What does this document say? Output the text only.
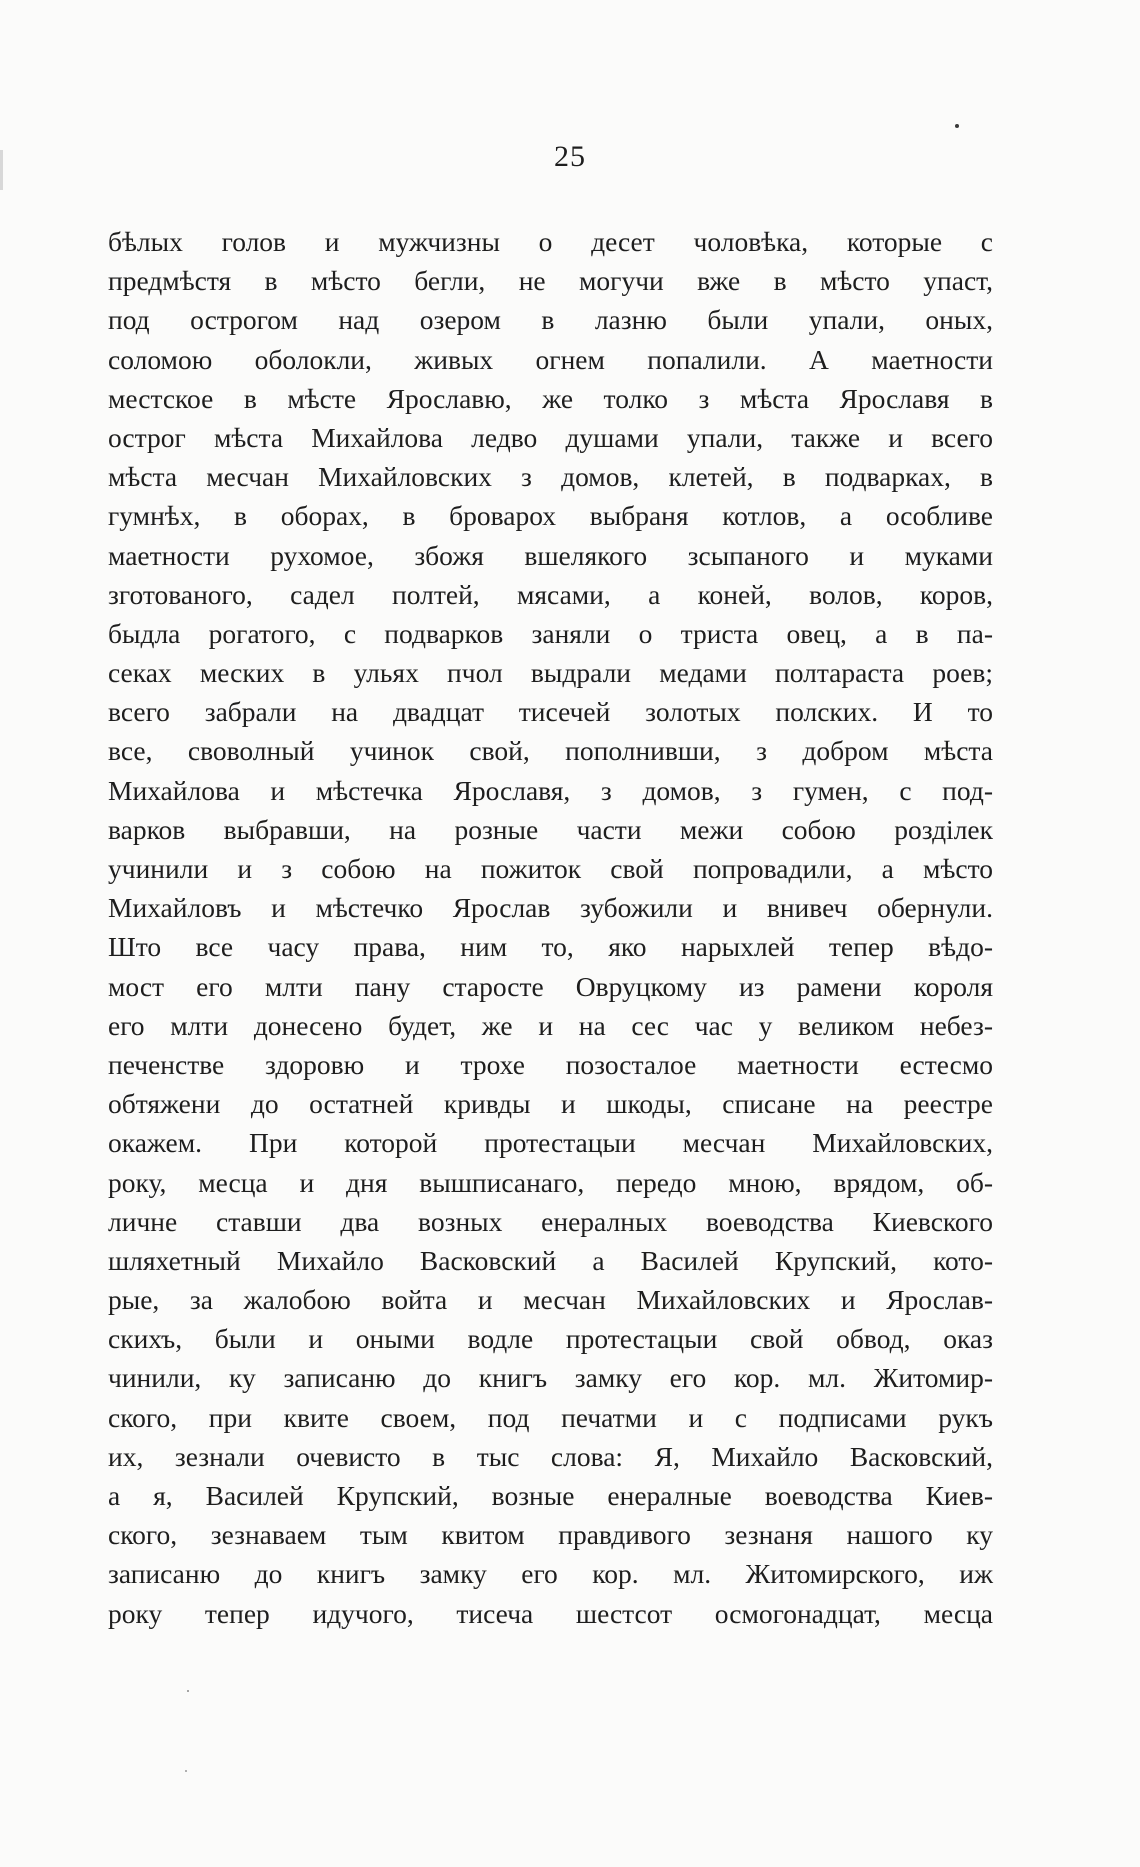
25
бѣлых голов и мужчизны о десет чоловѣка, которые с
предмѣстя в мѣсто бегли, не могучи вже в мѣсто упаст,
под острогом над озером в лазню были упали, оных,
соломою оболокли, живых огнем попалили. А маетности
местское в мѣсте Ярославю, же толко з мѣста Ярославя в
острог мѣста Михайлова ледво душами упали, также и всего
мѣста месчан Михайловских з домов, клетей, в подварках, в
гумнѣх, в оборах, в броварох выбраня котлов, а особливе
маетности рухомое, збожя вшелякого зсыпаного и муками
зготованого, садел полтей, мясами, а коней, волов, коров,
быдла рогатого, с подварков заняли о триста овец, а в па-
секах меских в ульях пчол выдрали медами полтараста роев;
всего забрали на двадцат тисечей золотых полских. И то
все, своволный учинок свой, пополнивши, з добром мѣста
Михайлова и мѣстечка Ярославя, з домов, з гумен, с под-
варков выбравши, на розные части межи собою розділек
учинили и з собою на пожиток свой попровадили, а мѣсто
Михайловъ и мѣстечко Ярослав зубожили и внивеч обернули.
Што все часу права, ним то, яко нарыхлей тепер вѣдо-
мост его млти пану старосте Овруцкому из рамени короля
его млти донесено будет, же и на сес час у великом небез-
печенстве здоровю и трохе позосталое маетности естесмо
обтяжени до остатней кривды и шкоды, списане на реестре
окажем. При которой протестацыи месчан Михайловских,
року, месца и дня вышписанаго, передо мною, врядом, об-
личне ставши два возных енералных воеводства Киевского
шляхетный Михайло Васковский а Василей Крупский, кото-
рые, за жалобою войта и месчан Михайловских и Ярослав-
скихъ, были и оными водле протестацыи свой обвод, оказ
чинили, ку записаню до книгъ замку его кор. мл. Житомир-
ского, при квите своем, под печатми и с подписами рукъ
их, зезнали очевисто в тыс слова: Я, Михайло Васковский,
а я, Василей Крупский, возные енералные воеводства Киев-
ского, зезнаваем тым квитом правдивого зезнаня нашого ку
записаню до книгъ замку его кор. мл. Житомирского, иж
року тепер идучого, тисеча шестсот осмогонадцат, месца
